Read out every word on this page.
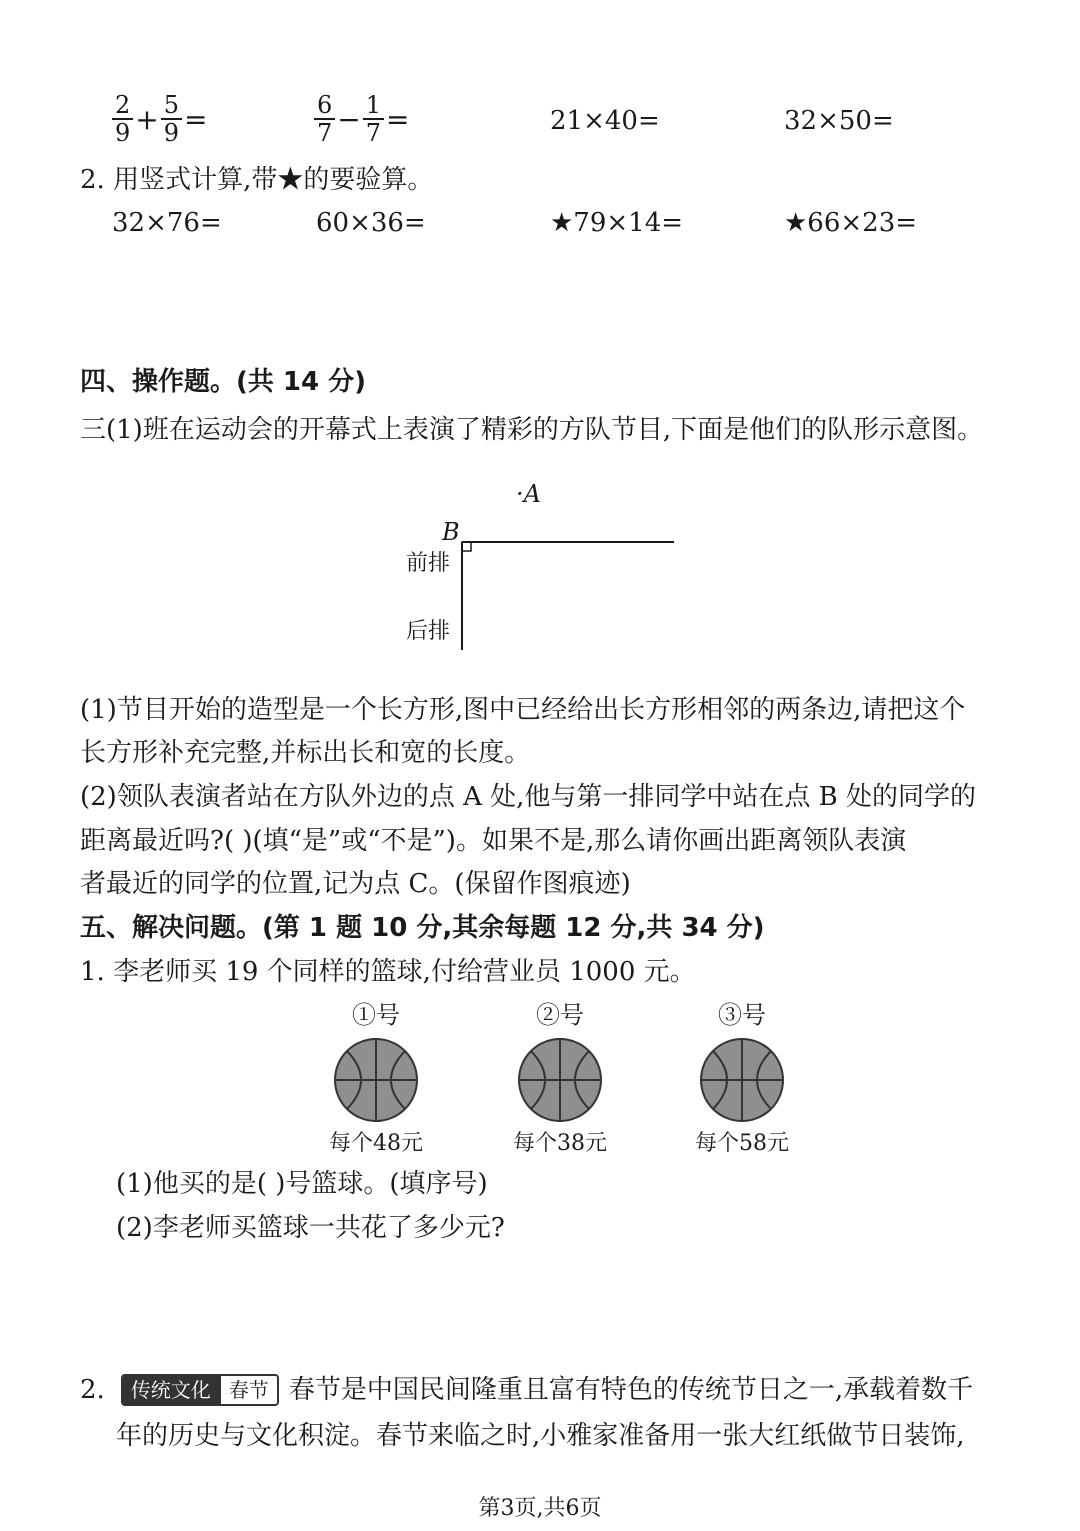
$\frac{2}{9} + \frac{5}{9}$ =	$\frac{6}{7} - \frac{1}{7}$ =	21×40=	32×50=
2. 用竖式计算,带★的要验算。
32×76=	60×36=	★79×14=	★66×23=
四、操作题。(共 14 分)
三(1)班在运动会的开幕式上表演了精彩的方队节目,下面是他们的队形示意图。
·A
B
前排
后排
(1)节目开始的造型是一个长方形,图中已经给出长方形相邻的两条边,请把这个
长方形补充完整,并标出长和宽的长度。
(2)领队表演者站在方队外边的点 A 处,他与第一排同学中站在点 B 处的同学的
距离最近吗?( )(填“是”或“不是”)。如果不是,那么请你画出距离领队表演
者最近的同学的位置,记为点 C。(保留作图痕迹)
五、解决问题。(第 1 题 10 分,其余每题 12 分,共 34 分)
1. 李老师买 19 个同样的篮球,付给营业员 1000 元。
①号
每个48元
②号
每个38元
③号
每个58元
(1)他买的是( )号篮球。(填序号)
(2)李老师买篮球一共花了多少元?
2.	传统文化 春节 春节是中国民间隆重且富有特色的传统节日之一,承载着数千
年的历史与文化积淀。春节来临之时,小雅家准备用一张大红纸做节日装饰,
第3页,共6页
